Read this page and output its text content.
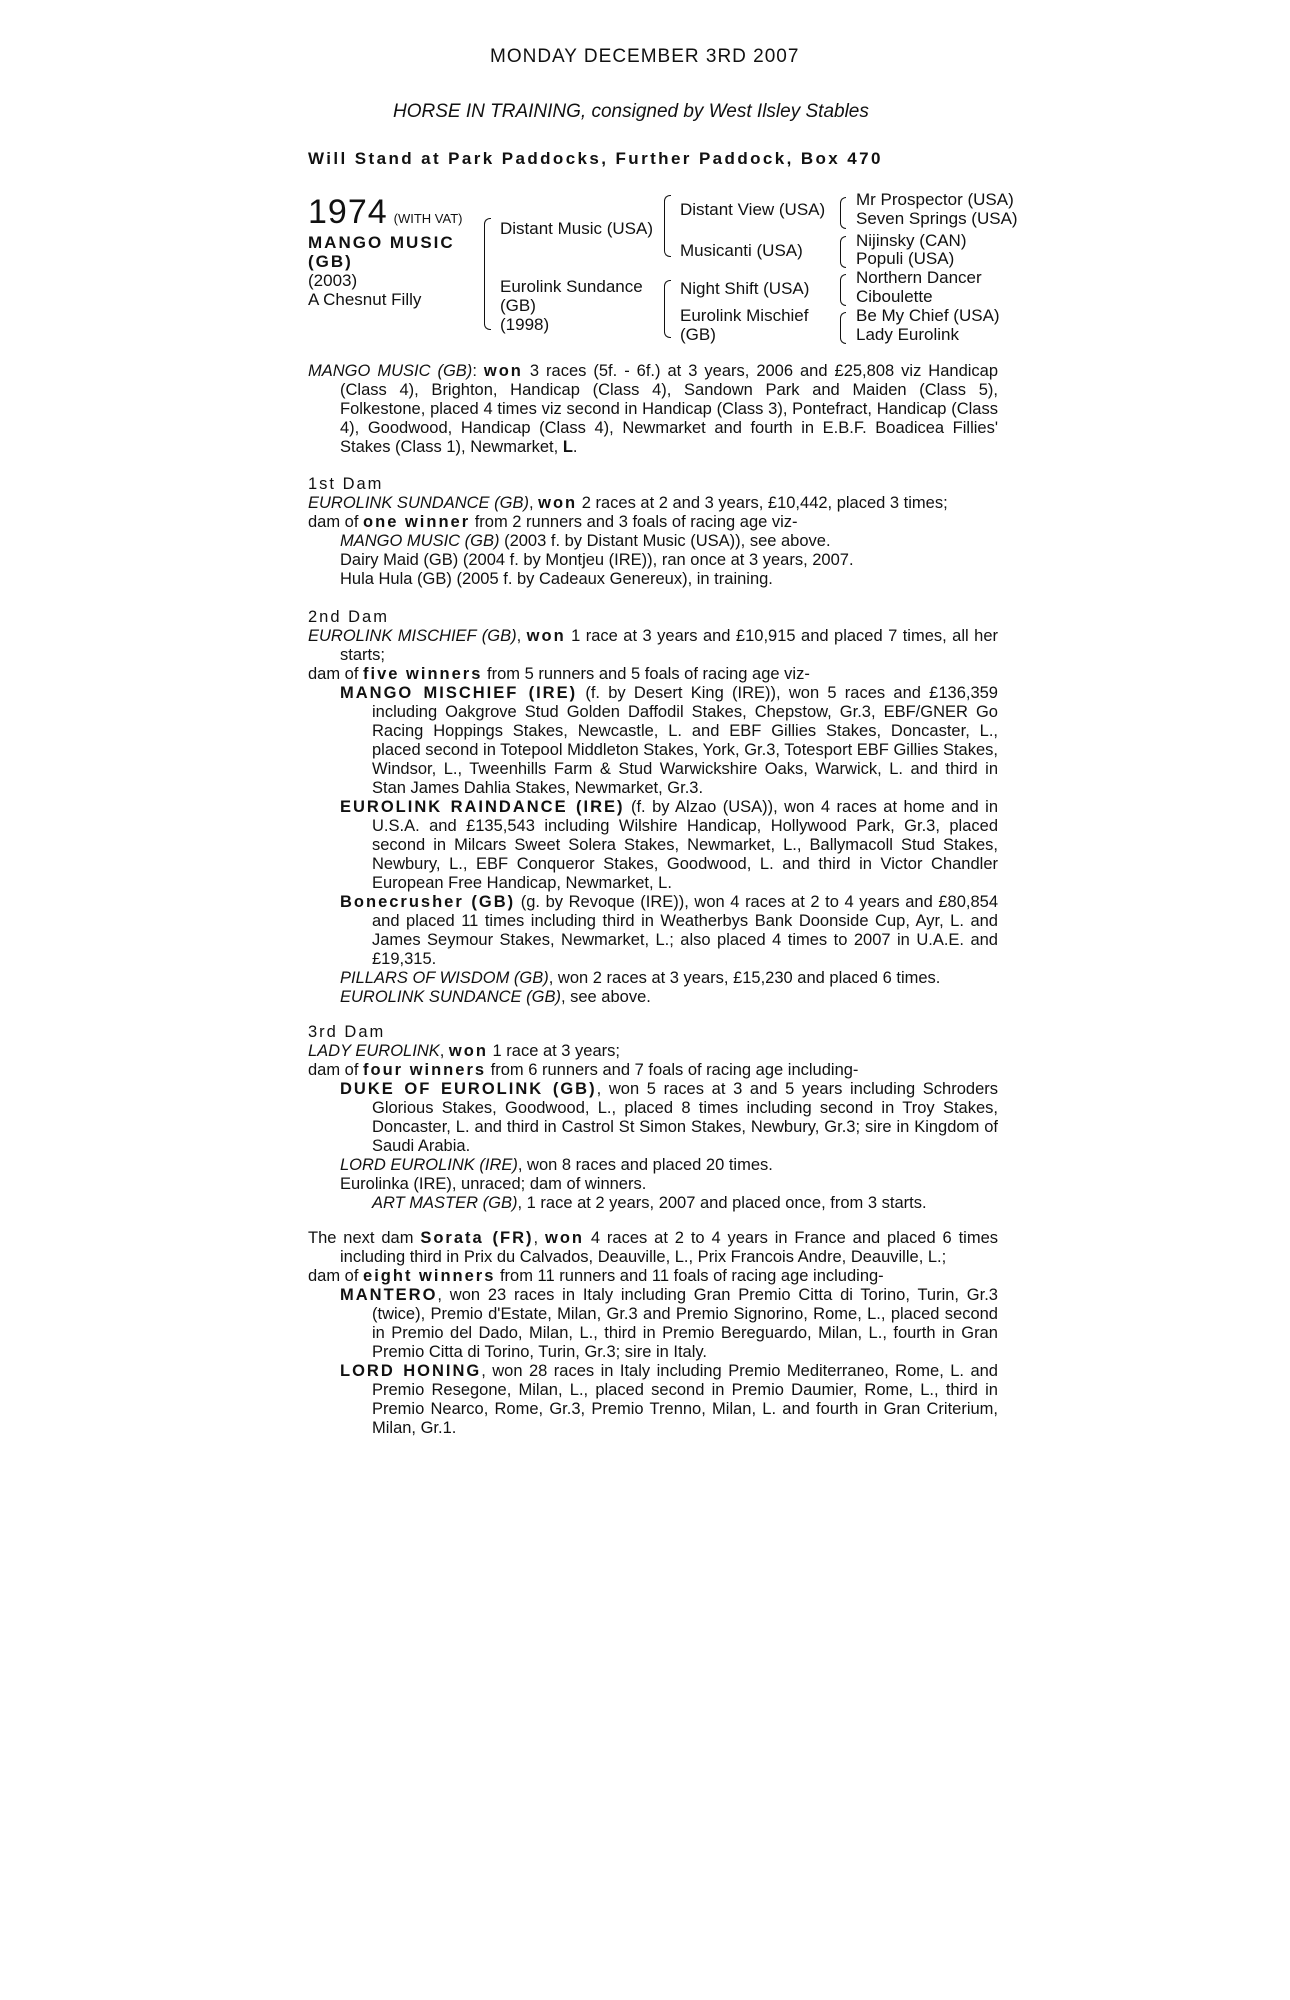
MONDAY DECEMBER 3RD 2007
HORSE IN TRAINING, consigned by West Ilsley Stables
Will Stand at Park Paddocks, Further Paddock, Box 470
1974 (WITH VAT)
MANGO MUSIC
(GB)
(2003)
A Chesnut Filly
Distant Music (USA)
Eurolink Sundance
(GB)
(1998)
Distant View (USA)
Musicanti (USA)
Night Shift (USA)
Eurolink Mischief
(GB)
Mr Prospector (USA)
Seven Springs (USA)
Nijinsky (CAN)
Populi (USA)
Northern Dancer
Ciboulette
Be My Chief (USA)
Lady Eurolink
MANGO MUSIC (GB): won 3 races (5f. - 6f.) at 3 years, 2006 and £25,808 viz Handicap (Class 4), Brighton, Handicap (Class 4), Sandown Park and Maiden (Class 5), Folkestone, placed 4 times viz second in Handicap (Class 3), Pontefract, Handicap (Class 4), Goodwood, Handicap (Class 4), Newmarket and fourth in E.B.F. Boadicea Fillies' Stakes (Class 1), Newmarket, L.
1st Dam
EUROLINK SUNDANCE (GB), won 2 races at 2 and 3 years, £10,442, placed 3 times;
dam of one winner from 2 runners and 3 foals of racing age viz-
MANGO MUSIC (GB) (2003 f. by Distant Music (USA)), see above.
Dairy Maid (GB) (2004 f. by Montjeu (IRE)), ran once at 3 years, 2007.
Hula Hula (GB) (2005 f. by Cadeaux Genereux), in training.
2nd Dam
EUROLINK MISCHIEF (GB), won 1 race at 3 years and £10,915 and placed 7 times, all her starts;
dam of five winners from 5 runners and 5 foals of racing age viz-
MANGO MISCHIEF (IRE) (f. by Desert King (IRE)), won 5 races and £136,359 including Oakgrove Stud Golden Daffodil Stakes, Chepstow, Gr.3, EBF/GNER Go Racing Hoppings Stakes, Newcastle, L. and EBF Gillies Stakes, Doncaster, L., placed second in Totepool Middleton Stakes, York, Gr.3, Totesport EBF Gillies Stakes, Windsor, L., Tweenhills Farm & Stud Warwickshire Oaks, Warwick, L. and third in Stan James Dahlia Stakes, Newmarket, Gr.3.
EUROLINK RAINDANCE (IRE) (f. by Alzao (USA)), won 4 races at home and in U.S.A. and £135,543 including Wilshire Handicap, Hollywood Park, Gr.3, placed second in Milcars Sweet Solera Stakes, Newmarket, L., Ballymacoll Stud Stakes, Newbury, L., EBF Conqueror Stakes, Goodwood, L. and third in Victor Chandler European Free Handicap, Newmarket, L.
Bonecrusher (GB) (g. by Revoque (IRE)), won 4 races at 2 to 4 years and £80,854 and placed 11 times including third in Weatherbys Bank Doonside Cup, Ayr, L. and James Seymour Stakes, Newmarket, L.; also placed 4 times to 2007 in U.A.E. and £19,315.
PILLARS OF WISDOM (GB), won 2 races at 3 years, £15,230 and placed 6 times.
EUROLINK SUNDANCE (GB), see above.
3rd Dam
LADY EUROLINK, won 1 race at 3 years;
dam of four winners from 6 runners and 7 foals of racing age including-
DUKE OF EUROLINK (GB), won 5 races at 3 and 5 years including Schroders Glorious Stakes, Goodwood, L., placed 8 times including second in Troy Stakes, Doncaster, L. and third in Castrol St Simon Stakes, Newbury, Gr.3; sire in Kingdom of Saudi Arabia.
LORD EUROLINK (IRE), won 8 races and placed 20 times.
Eurolinka (IRE), unraced; dam of winners.
ART MASTER (GB), 1 race at 2 years, 2007 and placed once, from 3 starts.
The next dam Sorata (FR), won 4 races at 2 to 4 years in France and placed 6 times including third in Prix du Calvados, Deauville, L., Prix Francois Andre, Deauville, L.;
dam of eight winners from 11 runners and 11 foals of racing age including-
MANTERO, won 23 races in Italy including Gran Premio Citta di Torino, Turin, Gr.3 (twice), Premio d'Estate, Milan, Gr.3 and Premio Signorino, Rome, L., placed second in Premio del Dado, Milan, L., third in Premio Bereguardo, Milan, L., fourth in Gran Premio Citta di Torino, Turin, Gr.3; sire in Italy.
LORD HONING, won 28 races in Italy including Premio Mediterraneo, Rome, L. and Premio Resegone, Milan, L., placed second in Premio Daumier, Rome, L., third in Premio Nearco, Rome, Gr.3, Premio Trenno, Milan, L. and fourth in Gran Criterium, Milan, Gr.1.
